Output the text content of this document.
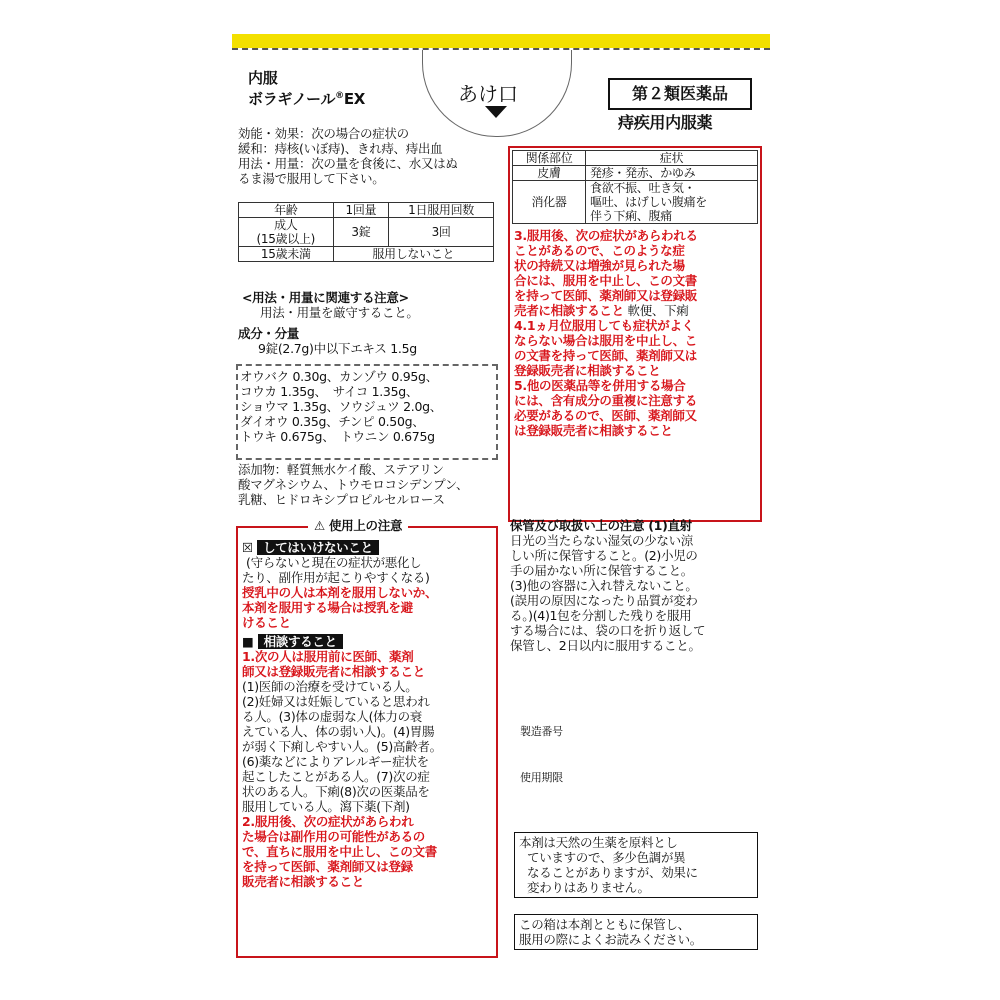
内服
ボラギノール®EX	あけ口	第２類医薬品
痔疾用内服薬
効能・効果：次の場合の症状の
緩和：痔核(いぼ痔)、きれ痔、痔出血
用法・用量：次の量を食後に、水又はぬ
るま湯で服用して下さい。
年齢	1回量	1日服用回数

成人
(15歳以上)	3錠	3回
15歳未満	服用しないこと	
<用法・用量に関連する注意>
用法・用量を厳守すること。
成分・分量
9錠(2.7g)中以下エキス 1.5g
オウバク 0.30g、カンゾウ 0.95g、
コウカ 1.35g、　サイコ 1.35g、
ショウマ 1.35g、ソウジュツ 2.0g、
ダイオウ 0.35g、チンピ 0.50g、
トウキ 0.675g、　トウニン 0.675g
添加物：軽質無水ケイ酸、ステアリン
酸マグネシウム、トウモロコシデンプン、
乳糖、ヒドロキシプロピルセルロース
⚠ 使用上の注意
☒ してはいけないこと
(守らないと現在の症状が悪化し
たり、副作用が起こりやすくなる)
授乳中の人は本剤を服用しないか、
本剤を服用する場合は授乳を避
けること
■ 相談すること
1.次の人は服用前に医師、薬剤
師又は登録販売者に相談すること
(1)医師の治療を受けている人。
(2)妊婦又は妊娠していると思われ
る人。(3)体の虚弱な人(体力の衰
えている人、体の弱い人)。(4)胃腸
が弱く下痢しやすい人。(5)高齢者。
(6)薬などによりアレルギー症状を
起こしたことがある人。(7)次の症
状のある人。下痢(8)次の医薬品を
服用している人。瀉下薬(下剤)
2.服用後、次の症状があらわれ
た場合は副作用の可能性があるの
で、直ちに服用を中止し、この文書
を持って医師、薬剤師又は登録
販売者に相談すること
関係部位	症状
皮膚	発疹・発赤、かゆみ
消化器	食欲不振、吐き気・
嘔吐、はげしい腹痛を
伴う下痢、腹痛
3.服用後、次の症状があらわれる
ことがあるので、このような症
状の持続又は増強が見られた場
合には、服用を中止し、この文書
を持って医師、薬剤師又は登録販
売者に相談すること 軟便、下痢
4.1ヵ月位服用しても症状がよく
ならない場合は服用を中止し、こ
の文書を持って医師、薬剤師又は
登録販売者に相談すること
5.他の医薬品等を併用する場合
には、含有成分の重複に注意する
必要があるので、医師、薬剤師又
は登録販売者に相談すること
保管及び取扱い上の注意 (1)直射
日光の当たらない湿気の少ない涼
しい所に保管すること。(2)小児の
手の届かない所に保管すること。
(3)他の容器に入れ替えないこと。
(誤用の原因になったり品質が変わ
る。)(4)1包を分割した残りを服用
する場合には、袋の口を折り返して
保管し、2日以内に服用すること。
製造番号
使用期限
本剤は天然の生薬を原料とし
ていますので、多少色調が異
なることがありますが、効果に
変わりはありません。
この箱は本剤とともに保管し、
服用の際によくお読みください。
